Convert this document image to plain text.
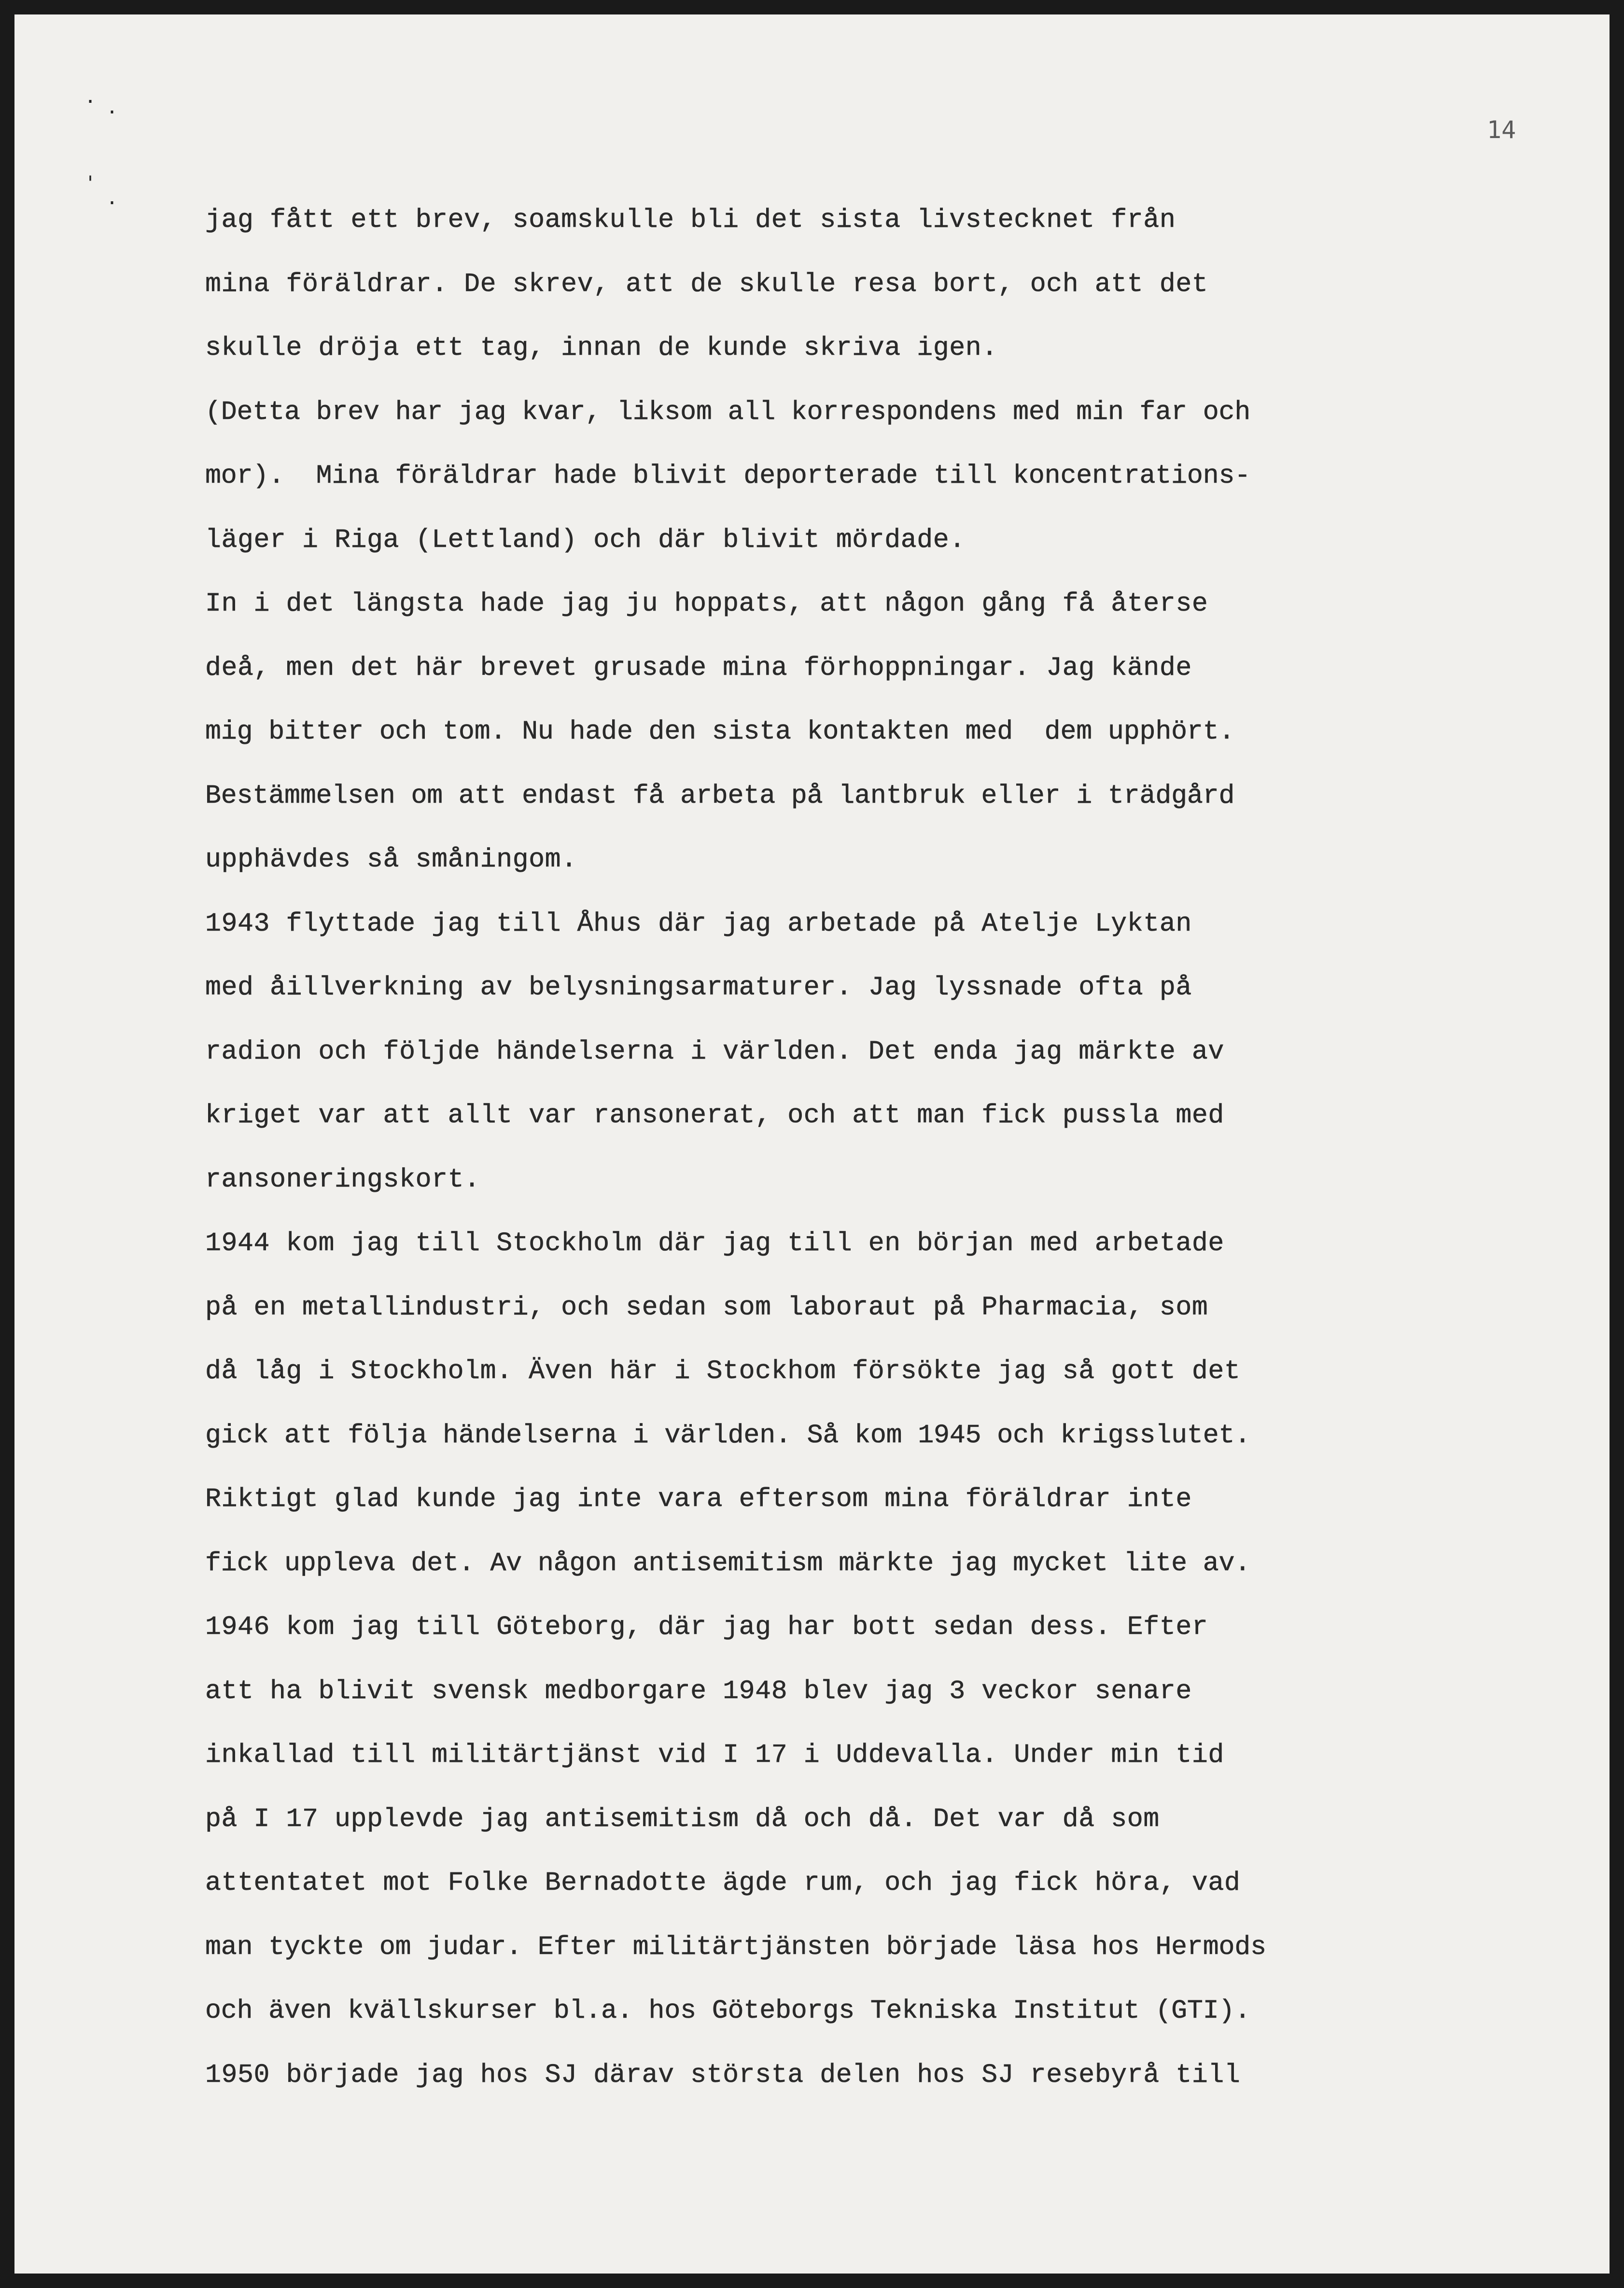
14
. .
'
.
jag fått ett brev, soamskulle bli det sista livstecknet från
mina föräldrar. De skrev, att de skulle resa bort, och att det
skulle dröja ett tag, innan de kunde skriva igen.
(Detta brev har jag kvar, liksom all korrespondens med min far och
mor).  Mina föräldrar hade blivit deporterade till koncentrations-
läger i Riga (Lettland) och där blivit mördade.
In i det längsta hade jag ju hoppats, att någon gång få återse
deå, men det här brevet grusade mina förhoppningar. Jag kände
mig bitter och tom. Nu hade den sista kontakten med  dem upphört.
Bestämmelsen om att endast få arbeta på lantbruk eller i trädgård
upphävdes så småningom.
1943 flyttade jag till Åhus där jag arbetade på Atelje Lyktan
med åillverkning av belysningsarmaturer. Jag lyssnade ofta på
radion och följde händelserna i världen. Det enda jag märkte av
kriget var att allt var ransonerat, och att man fick pussla med
ransoneringskort.
1944 kom jag till Stockholm där jag till en början med arbetade
på en metallindustri, och sedan som laboraut på Pharmacia, som
då låg i Stockholm. Även här i Stockhom försökte jag så gott det
gick att följa händelserna i världen. Så kom 1945 och krigsslutet.
Riktigt glad kunde jag inte vara eftersom mina föräldrar inte
fick uppleva det. Av någon antisemitism märkte jag mycket lite av.
1946 kom jag till Göteborg, där jag har bott sedan dess. Efter
att ha blivit svensk medborgare 1948 blev jag 3 veckor senare
inkallad till militärtjänst vid I 17 i Uddevalla. Under min tid
på I 17 upplevde jag antisemitism då och då. Det var då som
attentatet mot Folke Bernadotte ägde rum, och jag fick höra, vad
man tyckte om judar. Efter militärtjänsten började läsa hos Hermods
och även kvällskurser bl.a. hos Göteborgs Tekniska Institut (GTI).
1950 började jag hos SJ därav största delen hos SJ resebyrå till
